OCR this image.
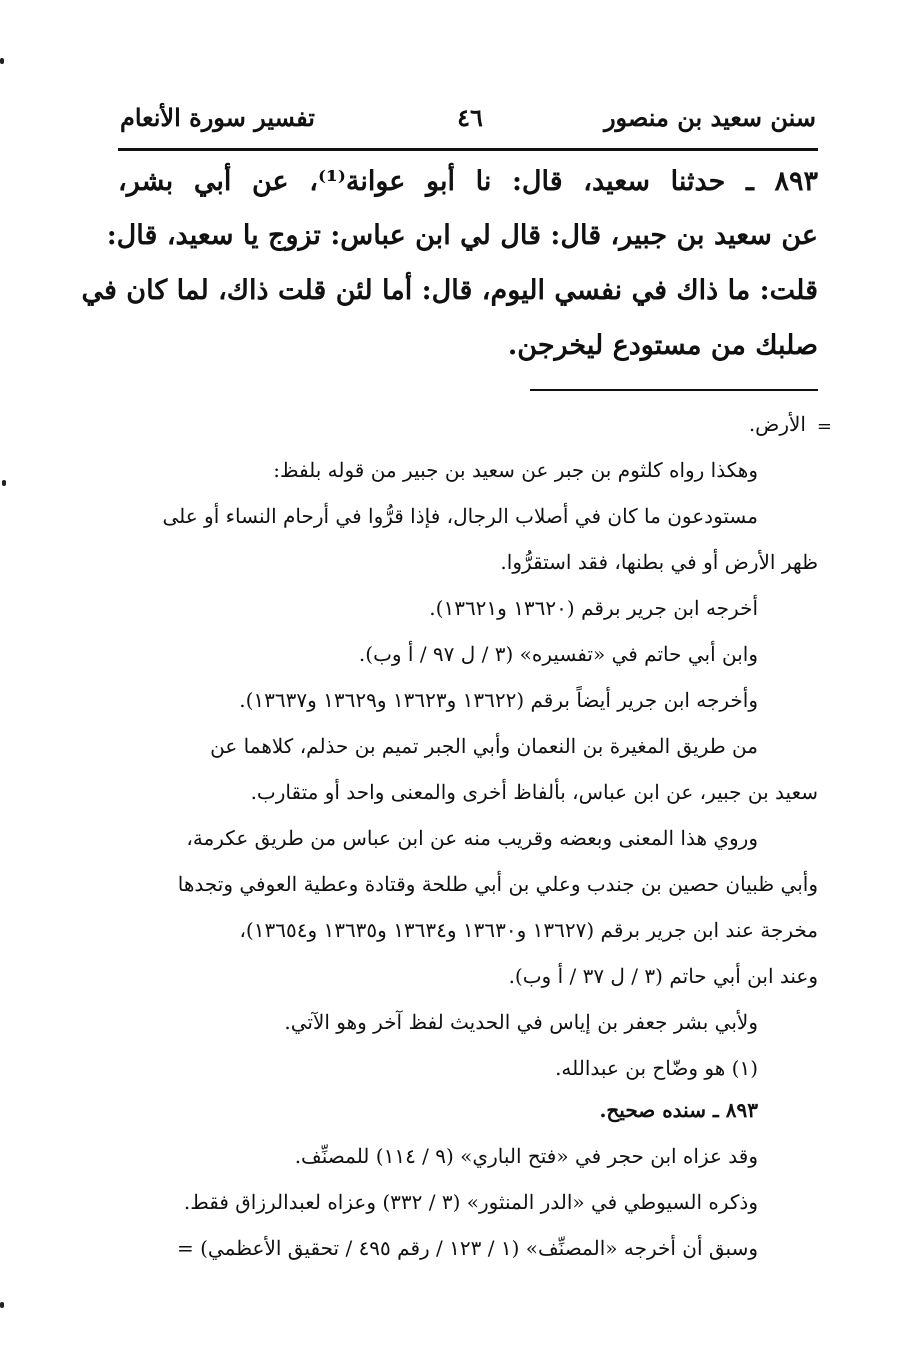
سنن سعيد بن منصور
٤٦
تفسير سورة الأنعام
٨٩٣ ـ حدثنا سعيد، قال: نا أبو عوانة⁽¹⁾، عن أبي بشر،
عن سعيد بن جبير، قال: قال لي ابن عباس: تزوج يا سعيد، قال:
قلت: ما ذاك في نفسي اليوم، قال: أما لئن قلت ذاك، لما كان في
صلبك من مستودع ليخرجن.
=
الأرض.
وهكذا رواه كلثوم بن جبر عن سعيد بن جبير من قوله بلفظ:
مستودعون ما كان في أصلاب الرجال، فإذا قرُّوا في أرحام النساء أو على
ظهر الأرض أو في بطنها، فقد استقرُّوا.
أخرجه ابن جرير برقم (١٣٦٢٠ و١٣٦٢١).
وابن أبي حاتم في «تفسيره» (٣ / ل ٩٧ / أ وب).
وأخرجه ابن جرير أيضاً برقم (١٣٦٢٢ و١٣٦٢٣ و١٣٦٢٩ و١٣٦٣٧).
من طريق المغيرة بن النعمان وأبي الجبر تميم بن حذلم، كلاهما عن
سعيد بن جبير، عن ابن عباس، بألفاظ أخرى والمعنى واحد أو متقارب.
وروي هذا المعنى وبعضه وقريب منه عن ابن عباس من طريق عكرمة،
وأبي ظبيان حصين بن جندب وعلي بن أبي طلحة وقتادة وعطية العوفي وتجدها
مخرجة عند ابن جرير برقم (١٣٦٢٧ و١٣٦٣٠ و١٣٦٣٤ و١٣٦٣٥ و١٣٦٥٤)،
وعند ابن أبي حاتم (٣ / ل ٣٧ / أ وب).
ولأبي بشر جعفر بن إياس في الحديث لفظ آخر وهو الآتي.
(١) هو وضّاح بن عبدالله.
٨٩٣ ـ سنده صحيح.
وقد عزاه ابن حجر في «فتح الباري» (٩ / ١١٤) للمصنِّف.
وذكره السيوطي في «الدر المنثور» (٣ / ٣٣٢) وعزاه لعبدالرزاق فقط.
وسبق أن أخرجه «المصنِّف» (١ / ١٢٣ / رقم ٤٩٥ / تحقيق الأعظمي) =
